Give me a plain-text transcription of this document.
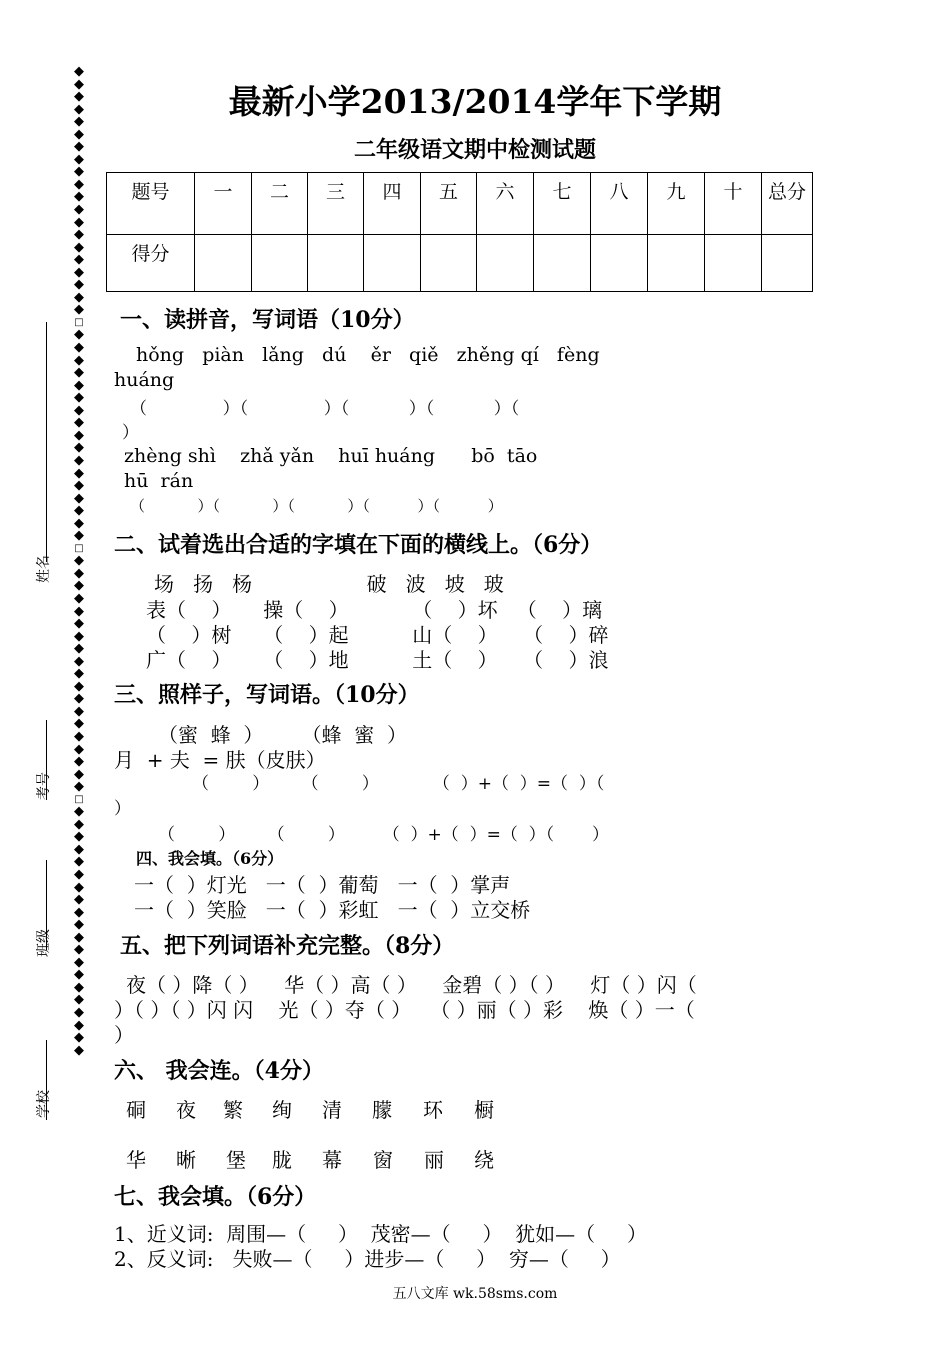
◆
◆
◆
◆
◆
◆
◆
◆
◆
◆
◆
◆
◆
◆
◆
◆
◆
◆
◆
◆
□
◆
◆
◆
◆
◆
◆
◆
◆
◆
◆
◆
◆
◆
◆
◆
◆
◆
□
◆
◆
◆
◆
◆
◆
◆
◆
◆
◆
◆
◆
◆
◆
◆
◆
◆
◆
◆
□
◆
◆
◆
◆
◆
◆
◆
◆
◆
◆
◆
◆
◆
◆
◆
◆
◆
◆
◆
◆
姓名
考号
班级
学校
最新小学2013/2014学年下学期
二年级语文期中检测试题
题号	一	二	三	四	五	六	七	八	九	十	总分
得分											
一、读拼音，写词语（10分）
hǒng   piàn   lǎng   dú    ěr   qiě   zhěng qí   fèng
huáng
（              ）（              ）（           ）（           ）（
）
zhèng shì    zhǎ yǎn    huī huáng      bō  tāo
hū  rán
（           ）（           ）（           ）（          ）（          ）
二、试着选出合适的字填在下面的横线上。（6分）
场   扬   杨                  破   波   坡   玻
表（    ）     操（    ）          （    ）坏   （    ）璃
（    ）树     （    ）起          山（    ）    （    ）碎
广（    ）     （    ）地          土（    ）    （    ）浪
三、照样子，写词语。（10分）
（蜜  蜂  ）      （蜂  蜜  ）
月  + 夫  = 肤（皮肤）
（        ）      （        ）          （  ）+（  ）=（  ）（
）
（        ）      （        ）       （  ）+（  ）=（  ）（       ）
四、我会填。（6分）
一（  ）灯光   一（  ）葡萄   一（  ）掌声
一（  ）笑脸   一（  ）彩虹   一（  ）立交桥
五、把下列词语补充完整。（8分）
夜（ ）降（ ）    华（ ）高（ ）    金碧（ ）（ ）    灯（ ）闪（
）（ ）（ ）闪 闪    光（ ）夺（ ）   （ ）丽（ ）彩    焕（ ）一（
）
六、 我会连。（4分）
硐 夜 繁 绚 清 朦 环 橱
华 晰 堡 胧 幕 窗 丽 绕
七、我会填。（6分）
1、近义词:  周围—（     ）  茂密—（     ）  犹如—（     ）
2、反义词:   失败—（     ）进步—（     ）  穷—（     ）
五八文库 wk.58sms.com
